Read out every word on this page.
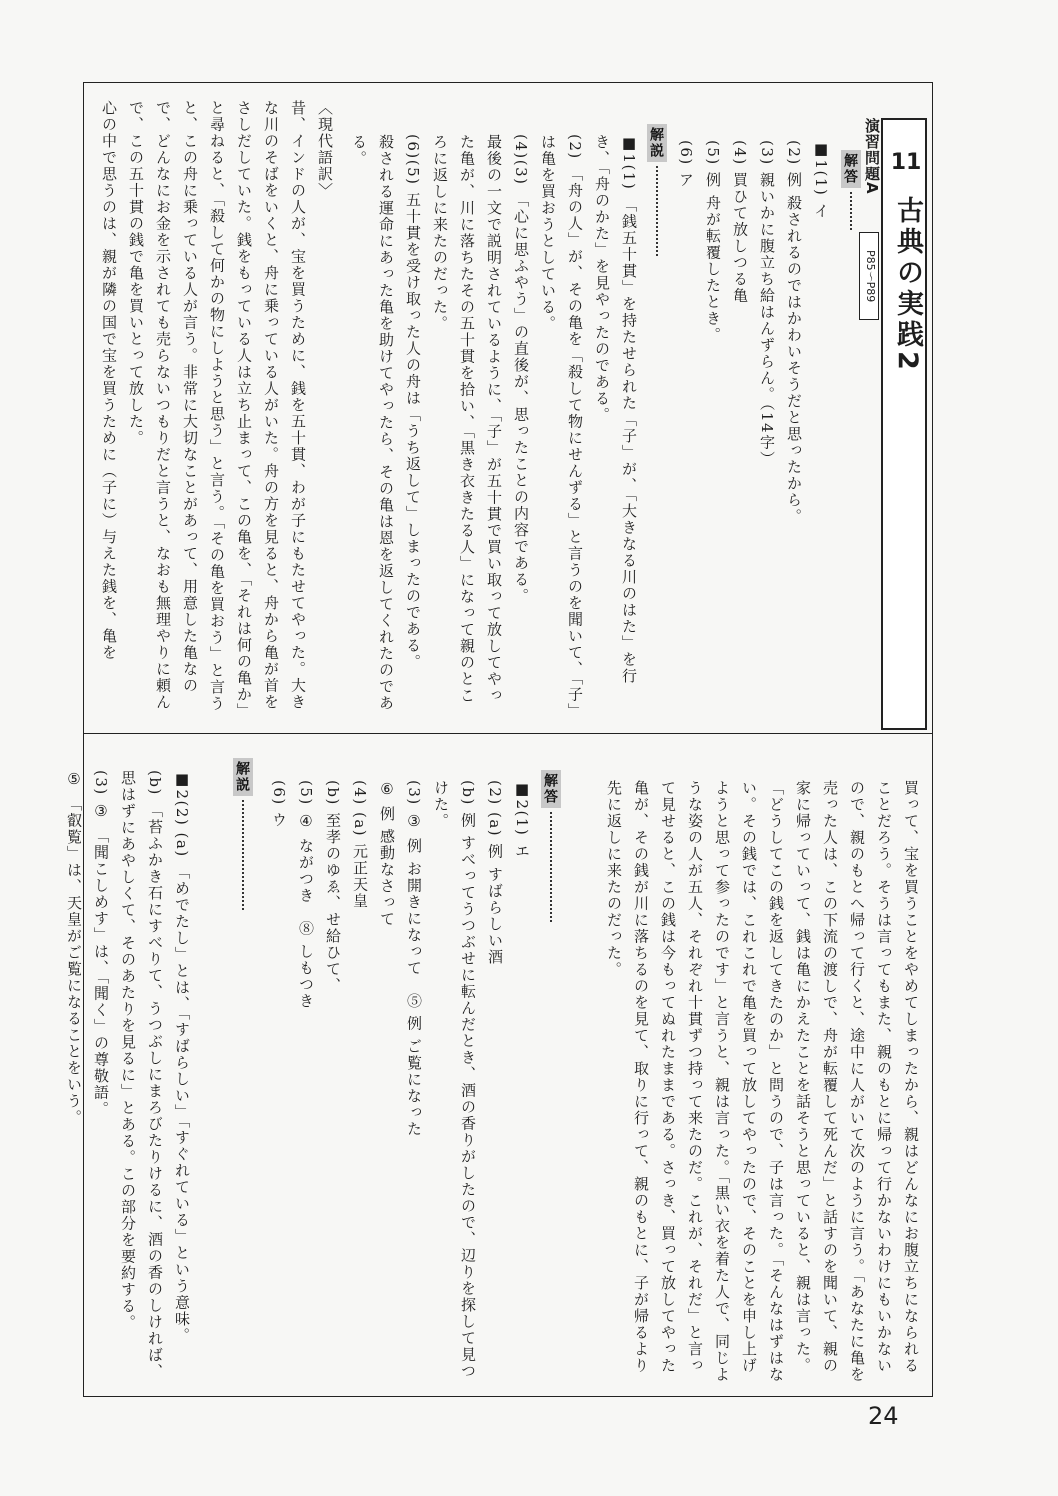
11
古典の実践2
演習問題A
P85～P89
解答
■1(1) イ
(2) 例 殺されるのではかわいそうだと思ったから。
(3) 親いかに腹立ち給はんずらん。（14字）
(4) 買ひて放しつる亀
(5) 例 舟が転覆したとき。
(6) ア
解説
■1(1) 「銭五十貫」を持たせられた「子」が、「大きなる川のはた」を行き、「舟のかた」を見やったのである。
(2) 「舟の人」が、その亀を「殺して物にせんずる」と言うのを聞いて、「子」は亀を買おうとしている。
(4)(3) 「心に思ふやう」の直後が、思ったことの内容である。
最後の一文で説明されているように、「子」が五十貫で買い取って放してやった亀が、川に落ちたその五十貫を拾い、「黒き衣きたる人」になって親のところに返しに来たのだった。
(6)(5) 五十貫を受け取った人の舟は「うち返して」しまったのである。
殺される運命にあった亀を助けてやったら、その亀は恩を返してくれたのである。
〈現代語訳〉
昔、インドの人が、宝を買うために、銭を五十貫、わが子にもたせてやった。大きな川のそばをいくと、舟に乗っている人がいた。舟の方を見ると、舟から亀が首をさしだしていた。銭をもっている人は立ち止まって、この亀を、「それは何の亀か」と尋ねると、「殺して何かの物にしようと思う」と言う。「その亀を買おう」と言うと、この舟に乗っている人が言う。非常に大切なことがあって、用意した亀なので、どんなにお金を示されても売らないつもりだと言うと、なおも無理やりに頼んで、この五十貫の銭で亀を買いとって放した。
心の中で思うのは、親が隣の国で宝を買うために（子に）与えた銭を、亀を
買って、宝を買うことをやめてしまったから、親はどんなにお腹立ちになられることだろう。そうは言ってもまた、親のもとに帰って行かないわけにもいかないので、親のもとへ帰って行くと、途中に人がいて次のように言う。「あなたに亀を売った人は、この下流の渡しで、舟が転覆して死んだ」と話すのを聞いて、親の家に帰っていって、銭は亀にかえたことを話そうと思っていると、親は言った。「どうしてこの銭を返してきたのか」と問うので、子は言った。「そんなはずはない。その銭では、これこれで亀を買って放してやったので、そのことを申し上げようと思って参ったのです」と言うと、親は言った。「黒い衣を着た人で、同じような姿の人が五人、それぞれ十貫ずつ持って来たのだ。これが、それだ」と言って見せると、この銭は今もってぬれたままである。さっき、買って放してやった亀が、その銭が川に落ちるのを見て、取りに行って、親のもとに、子が帰るより先に返しに来たのだった。
解答
■2(1) エ
(2) (a) 例 すばらしい酒
(b) 例 すべってうつぶせに転んだとき、酒の香りがしたので、辺りを探して見つけた。
(3) ③ 例 お開きになって　⑤ 例 ご覧になった
⑥ 例 感動なさって
(4) (a) 元正天皇
(b) 至孝のゆゑ、せ給ひて、
(5) ④ ながつき　⑧ しもつき
(6) ウ
解説
■2(2) (a) 「めでたし」とは、「すばらしい」「すぐれている」という意味。
(b) 「苔ふかき石にすべりて、うつぶしにまろびたりけるに、酒の香のしければ、思はずにあやしくて、そのあたりを見るに」とある。この部分を要約する。
(3) ③ 「聞こしめす」は、「聞く」の尊敬語。
⑤ 「叡覧」は、天皇がご覧になることをいう。
24
